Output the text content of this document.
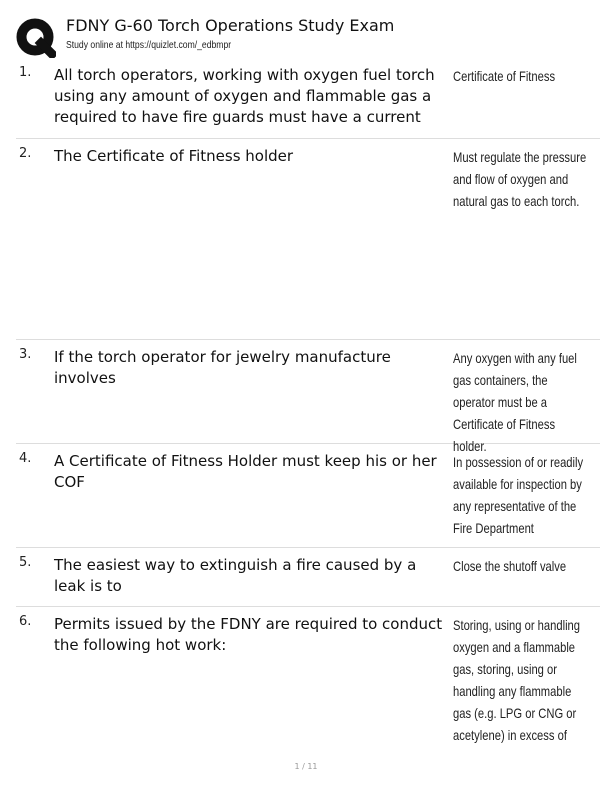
FDNY G-60 Torch Operations Study Exam
Study online at https://quizlet.com/_edbmpr
1. All torch operators, working with oxygen fuel torch using any amount of oxygen and flammable gas a required to have fire guards must have a current
Certificate of Fitness
2. The Certificate of Fitness holder	Must regulate the pressure and flow of oxygen and natural gas to each torch.
3. If the torch operator for jewelry manufacture involves
Any oxygen with any fuel gas containers, the operator must be a Certificate of Fitness holder.
4. A Certificate of Fitness Holder must keep his or her COF
In possession of or readily available for inspection by any representative of the Fire Department
5. The easiest way to extinguish a fire caused by a leak is to
Close the shutoff valve
6. Permits issued by the FDNY are required to conduct the following hot work:
Storing, using or handling oxygen and a flammable gas, storing, using or handling any flammable gas (e.g. LPG or CNG or acetylene) in excess of
1 / 11
